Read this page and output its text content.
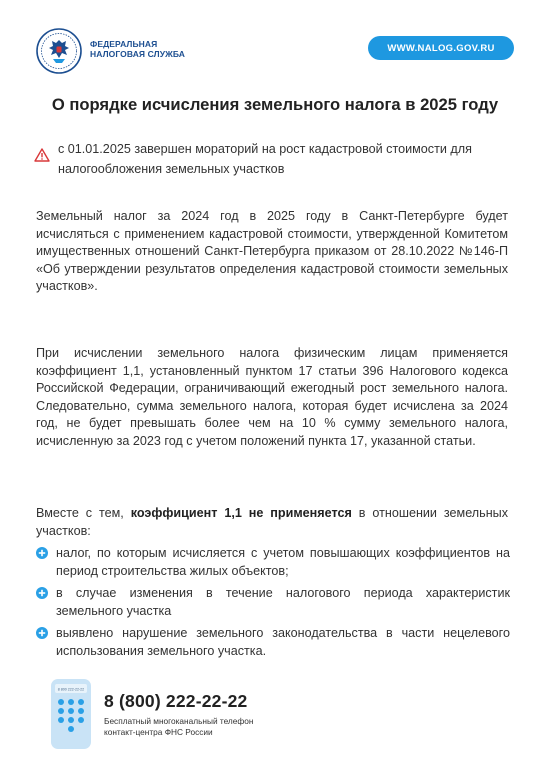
ФЕДЕРАЛЬНАЯ
НАЛОГОВАЯ СЛУЖБА
WWW.NALOG.GOV.RU
О порядке исчисления земельного налога в 2025 году
с 01.01.2025 завершен мораторий на рост кадастровой стоимости для налогообложения земельных участков

Земельный налог за 2024 год в 2025 году в Санкт-Петербурге будет исчисляться с применением кадастровой стоимости, утвержденной Комитетом имущественных отношений Санкт-Петербурга приказом от 28.10.2022 №146-П «Об утверждении результатов определения кадастровой стоимости земельных участков».

При исчислении земельного налога физическим лицам применяется коэффициент 1,1, установленный пунктом 17 статьи 396 Налогового кодекса Российской Федерации, ограничивающий ежегодный рост земельного налога. Следовательно, сумма земельного налога, которая будет исчислена за 2024 год, не будет превышать более чем на 10 % сумму земельного налога, исчисленную за 2023 год с учетом положений пункта 17, указанной статьи.

Вместе с тем, коэффициент 1,1 не применяется в отношении земельных участков:

налог, по которым исчисляется с учетом повышающих коэффициентов на период строительства жилых объектов;
в случае изменения в течение налогового периода характеристик земельного участка
выявлено нарушение земельного законодательства в части нецелевого использования земельного участка.
8 800 222-22-22
8 (800) 222-22-22
Бесплатный многоканальный телефон
контакт-центра ФНС России
